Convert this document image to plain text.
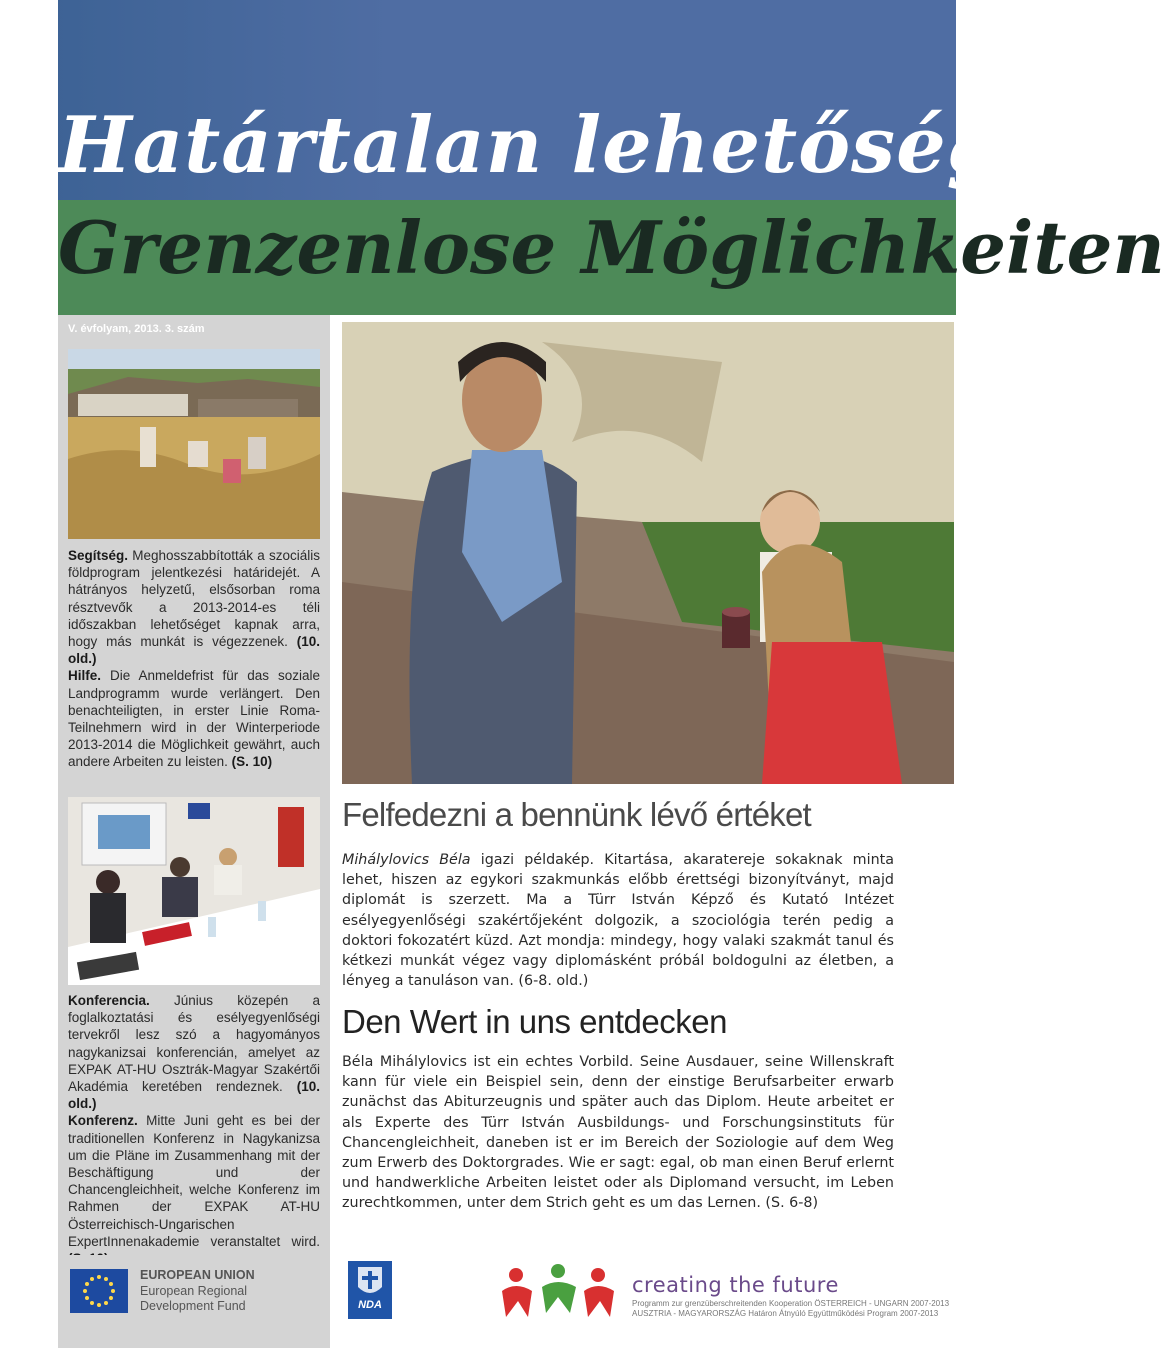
Határtalan lehetőségek
Grenzenlose Möglichkeiten
V. évfolyam, 2013. 3. szám
Segítség. Meghosszabbították a szociális földprogram jelentkezési határidejét. A hátrányos helyzetű, elsősorban roma résztvevők a 2013-2014-es téli időszakban lehetőséget kapnak arra, hogy más munkát is végezzenek. (10. old.)
Hilfe. Die Anmeldefrist für das soziale Landprogramm wurde verlängert. Den benachteiligten, in erster Linie Roma-Teilnehmern wird in der Winterperiode 2013-2014 die Möglichkeit gewährt, auch andere Arbeiten zu leisten. (S. 10)
Konferencia. Június közepén a foglalkoztatási és esélyegyenlőségi tervekről lesz szó a hagyományos nagykanizsai konferencián, amelyet az EXPAK AT-HU Osztrák-Magyar Szakértői Akadémia keretében rendeznek. (10. old.)
Konferenz. Mitte Juni geht es bei der traditionellen Konferenz in Nagykanizsa um die Pläne im Zusammenhang mit der Beschäftigung und der Chancengleichheit, welche Konferenz im Rahmen der EXPAK AT-HU Österreichisch-Ungarischen ExpertInnenakademie veranstaltet wird.
Felfedezni a bennünk lévő értéket
Mihálylovics Béla igazi példakép. Kitartása, akaratereje sokaknak minta lehet, hiszen az egykori szakmunkás előbb érettségi bizonyítványt, majd diplomát is szerzett. Ma a Türr István Képző és Kutató Intézet esélyegyenlőségi szakértőjeként dolgozik, a szociológia terén pedig a doktori fokozatért küzd. Azt mondja: mindegy, hogy valaki szakmát tanul és kétkezi munkát végez vagy diplomásként próbál boldogulni az életben, a lényeg a tanuláson van. (6-8. old.)
Den Wert in uns entdecken
Béla Mihálylovics ist ein echtes Vorbild. Seine Ausdauer, seine Willenskraft kann für viele ein Beispiel sein, denn der einstige Berufsarbeiter erwarb zunächst das Abiturzeugnis und später auch das Diplom. Heute arbeitet er als Experte des Türr István Ausbildungs- und Forschungsinstituts für Chancengleichheit, daneben ist er im Bereich der Soziologie auf dem Weg zum Erwerb des Doktorgrades. Wie er sagt: egal, ob man einen Beruf erlernt und handwerkliche Arbeiten leistet oder als Diplomand versucht, im Leben zurechtkommen, unter dem Strich geht es um das Lernen. (S. 6-8)
EUROPEAN UNION
European Regional
Development Fund	NDA
creating the future
Programm zur grenzüberschreitenden Kooperation ÖSTERREICH - UNGARN 2007-2013
AUSZTRIA - MAGYARORSZÁG Határon Átnyúló Együttműködési Program 2007-2013
